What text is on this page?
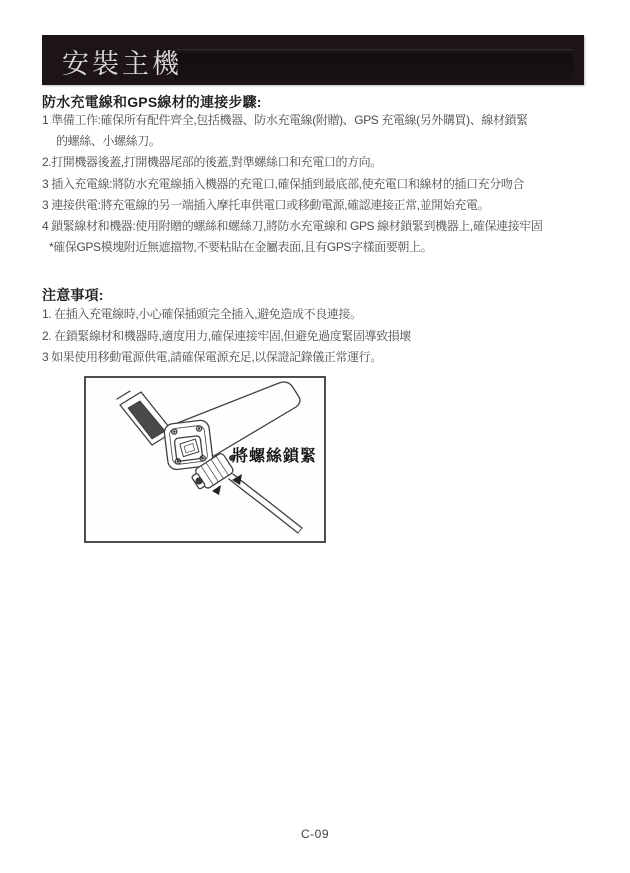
安裝主機
防水充電線和GPS線材的連接步驟:
1 準備工作:確保所有配件齊全,包括機器、防水充電線(附贈)、GPS 充電線(另外購買)、線材鎖緊
的螺絲、小螺絲刀。
2.打開機器後蓋,打開機器尾部的後蓋,對準螺絲口和充電口的方向。
3 插入充電線:將防水充電線插入機器的充電口,確保插到最底部,使充電口和線材的插口充分吻合
3 連接供電:將充電線的另一端插入摩托車供電口或移動電源,確認連接正常,並開始充電。
4 鎖緊線材和機器:使用附贈的螺絲和螺絲刀,將防水充電線和 GPS 線材鎖緊到機器上,確保連接牢固
*確保GPS模塊附近無遮擋物,不要粘貼在金屬表面,且有GPS字樣面要朝上。
注意事項:
1. 在插入充電線時,小心確保插頭完全插入,避免造成不良連接。
2. 在鎖緊線材和機器時,適度用力,確保連接牢固,但避免過度緊固導致損壞
3 如果使用移動電源供電,請確保電源充足,以保證記錄儀正常運行。
將螺絲鎖緊
C-09
